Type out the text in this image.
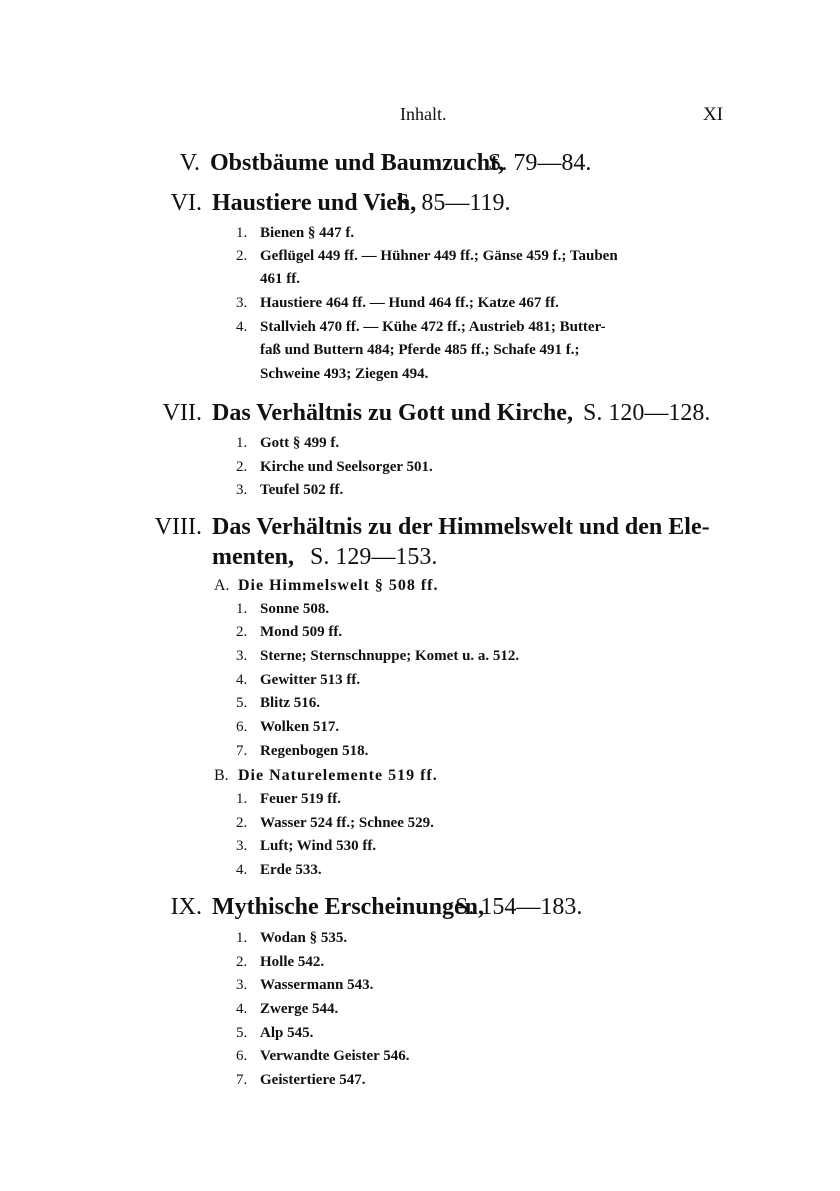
Inhalt.	XI
V. Obstbäume und Baumzucht,
S. 79—84.
VI. Haustiere und Vieh,
S. 85—119.
1. Bienen § 447 f.
2. Geflügel 449 ff. — Hühner 449 ff.; Gänse 459 f.; Tauben
461 ff.
3. Haustiere 464 ff. — Hund 464 ff.; Katze 467 ff.
4. Stallvieh 470 ff. — Kühe 472 ff.; Austrieb 481; Butter-
faß und Buttern 484; Pferde 485 ff.; Schafe 491 f.;
Schweine 493; Ziegen 494.
VII. Das Verhältnis zu Gott und Kirche, S. 120—128.
1. Gott § 499 f.
2. Kirche und Seelsorger 501.
3. Teufel 502 ff.
VIII. Das Verhältnis zu der Himmelswelt und den Ele-
menten, S. 129—153.
A. Die Himmelswelt § 508 ff.
1. Sonne 508.
2. Mond 509 ff.
3. Sterne; Sternschnuppe; Komet u. a. 512.
4. Gewitter 513 ff.
5. Blitz 516.
6. Wolken 517.
7. Regenbogen 518.
B. Die Naturelemente 519 ff.
1. Feuer 519 ff.
2. Wasser 524 ff.; Schnee 529.
3. Luft; Wind 530 ff.
4. Erde 533.
IX. Mythische Erscheinungen,
S. 154—183.
1. Wodan § 535.
2. Holle 542.
3. Wassermann 543.
4. Zwerge 544.
5. Alp 545.
6. Verwandte Geister 546.
7. Geistertiere 547.
